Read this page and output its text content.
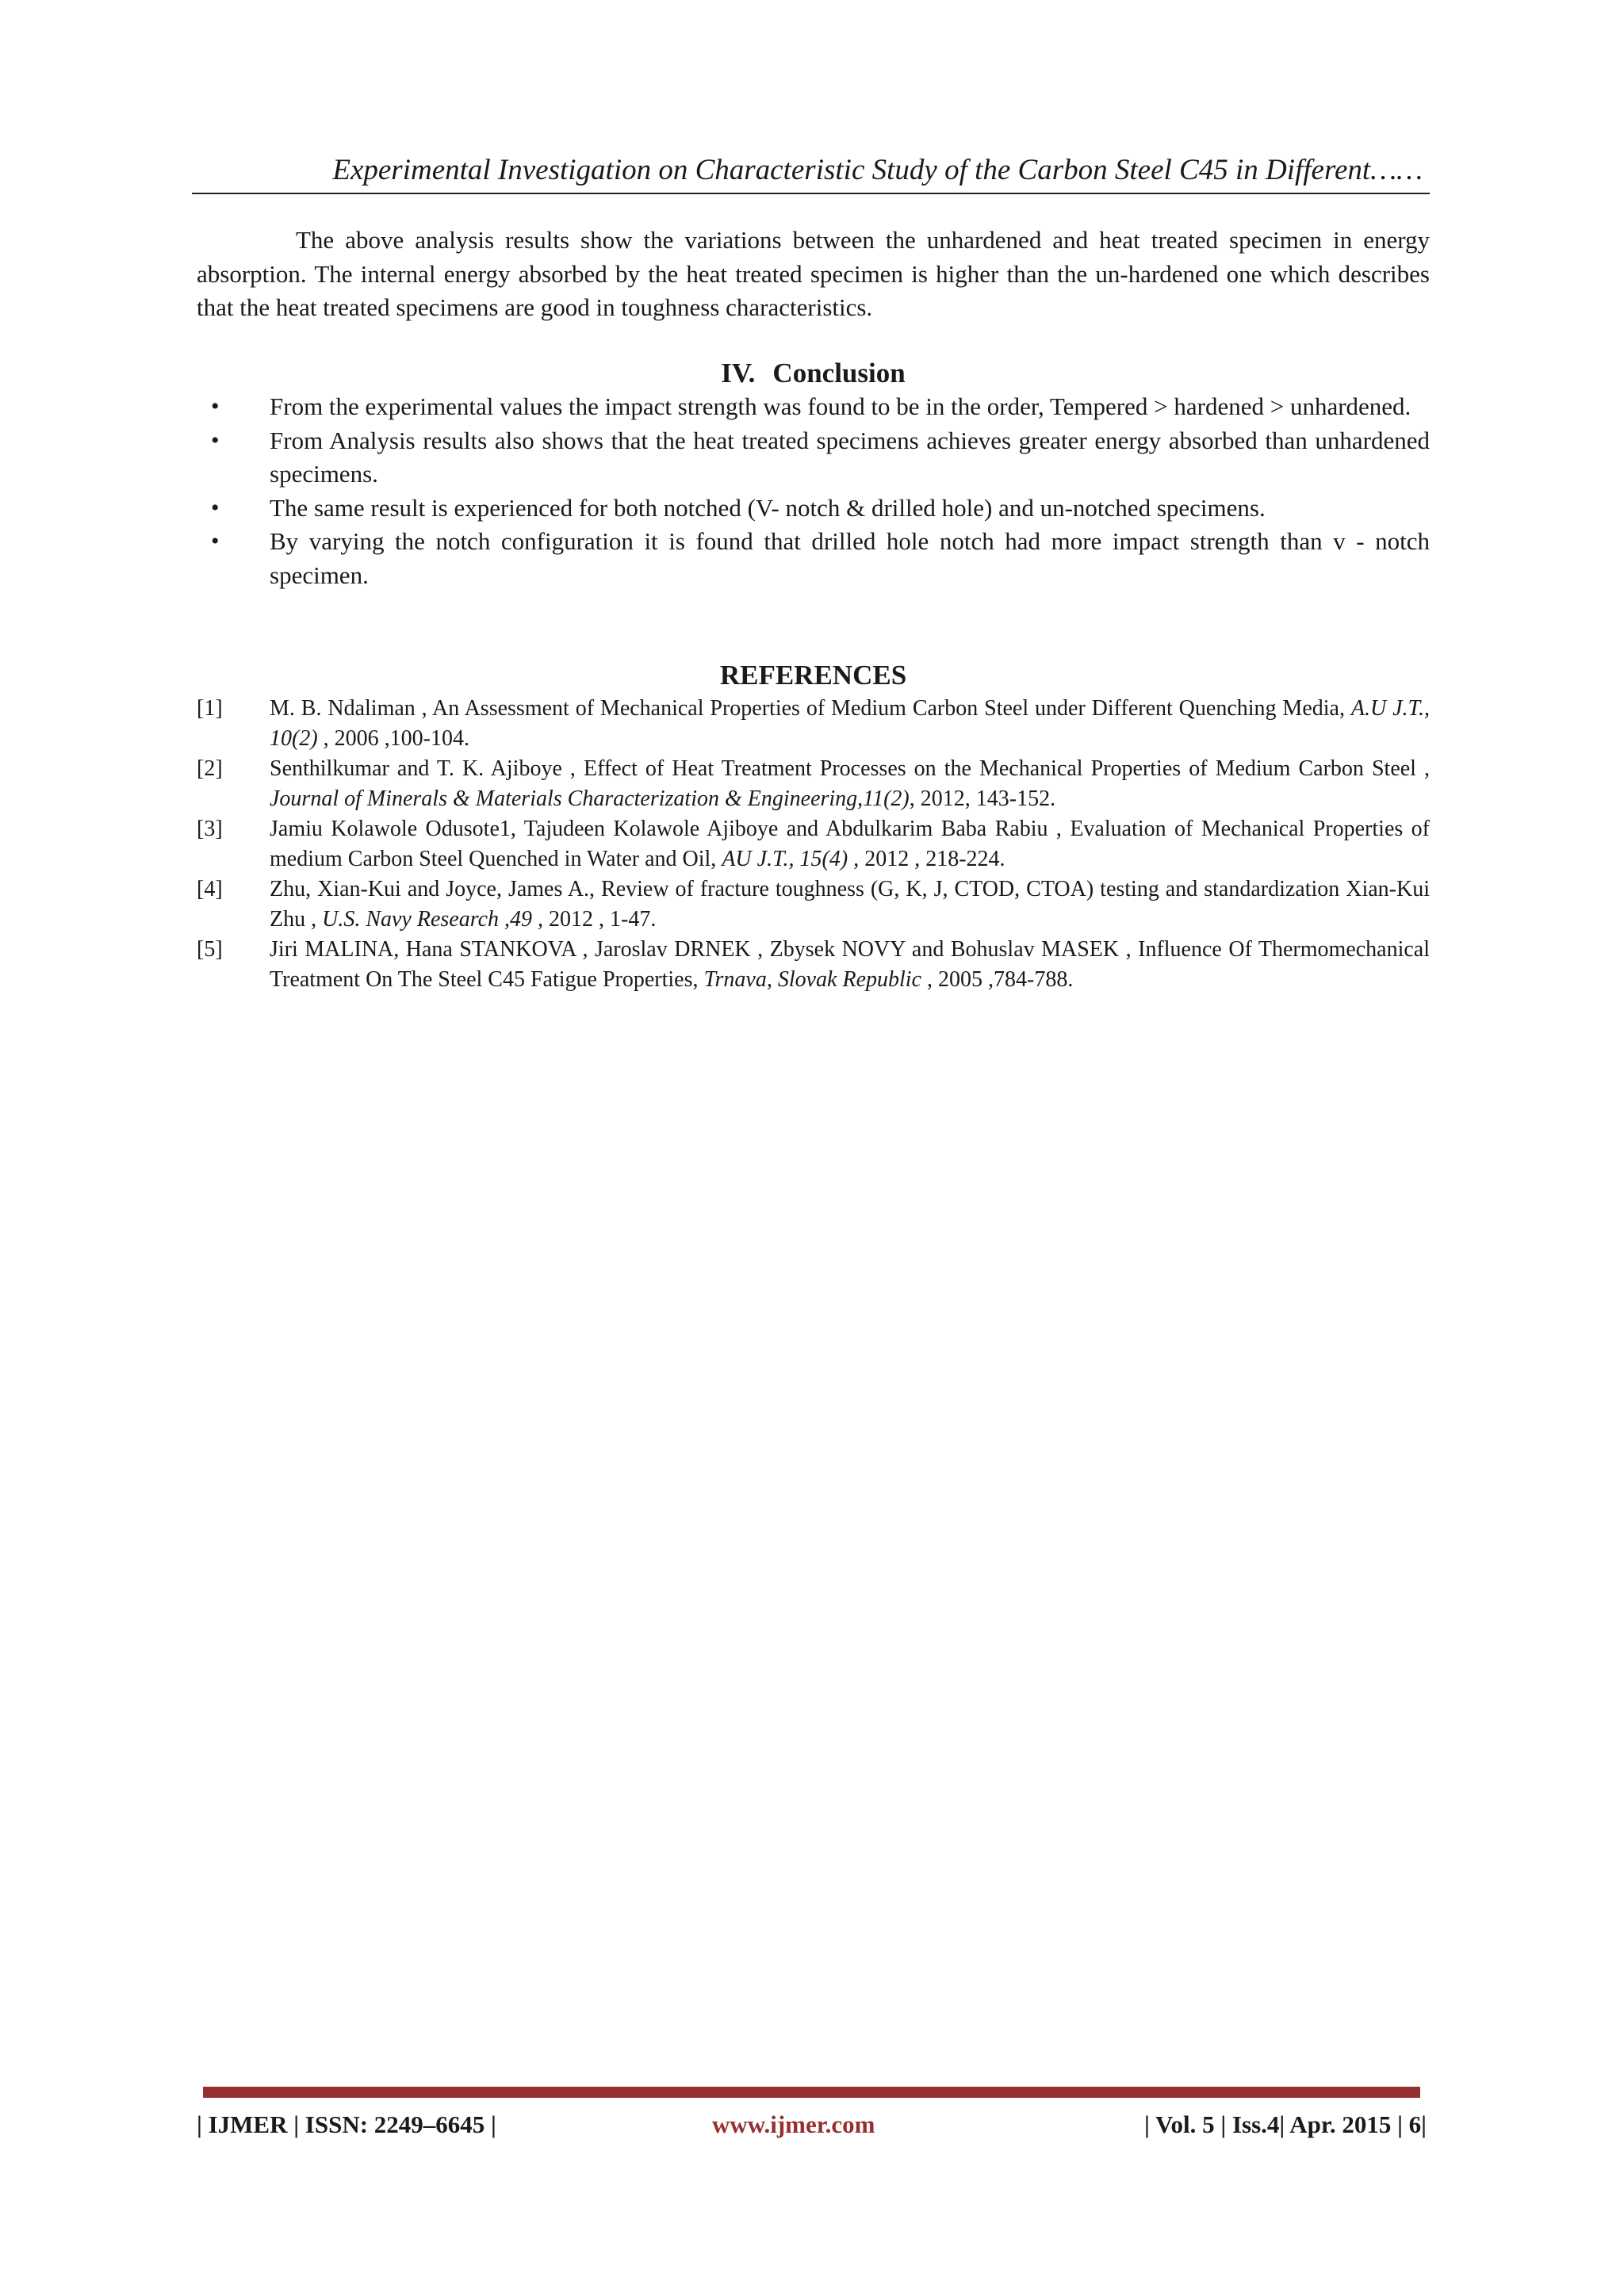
Experimental Investigation on Characteristic Study of the Carbon Steel C45 in Different……

The above analysis results show the variations between the unhardened and heat treated specimen in energy absorption. The internal energy absorbed by the heat treated specimen is higher than the un-hardened one which describes that the heat treated specimens are good in toughness characteristics.

IV. Conclusion
• From the experimental values the impact strength was found to be in the order, Tempered > hardened > unhardened.
• From Analysis results also shows that the heat treated specimens achieves greater energy absorbed than unhardened specimens.
• The same result is experienced for both notched (V- notch & drilled hole) and un-notched specimens.
• By varying the notch configuration it is found that drilled hole notch had more impact strength than v - notch specimen.
REFERENCES
[1] M. B. Ndaliman , An Assessment of Mechanical Properties of Medium Carbon Steel under Different Quenching Media, A.U J.T., 10(2) , 2006 ,100-104.
[2] Senthilkumar and T. K. Ajiboye , Effect of Heat Treatment Processes on the Mechanical Properties of Medium Carbon Steel , Journal of Minerals & Materials Characterization & Engineering,11(2), 2012, 143-152.
[3] Jamiu Kolawole Odusote1, Tajudeen Kolawole Ajiboye and Abdulkarim Baba Rabiu , Evaluation of Mechanical Properties of medium Carbon Steel Quenched in Water and Oil, AU J.T., 15(4) , 2012 , 218-224.
[4] Zhu, Xian-Kui and Joyce, James A., Review of fracture toughness (G, K, J, CTOD, CTOA) testing and standardization Xian-Kui Zhu , U.S. Navy Research ,49 , 2012 , 1-47.
[5] Jiri MALINA, Hana STANKOVA , Jaroslav DRNEK , Zbysek NOVY and Bohuslav MASEK , Influence Of Thermomechanical Treatment On The Steel C45 Fatigue Properties, Trnava, Slovak Republic , 2005 ,784-788.
| IJMER | ISSN: 2249–6645 |	www.ijmer.com	| Vol. 5 | Iss.4| Apr. 2015 | 6|
